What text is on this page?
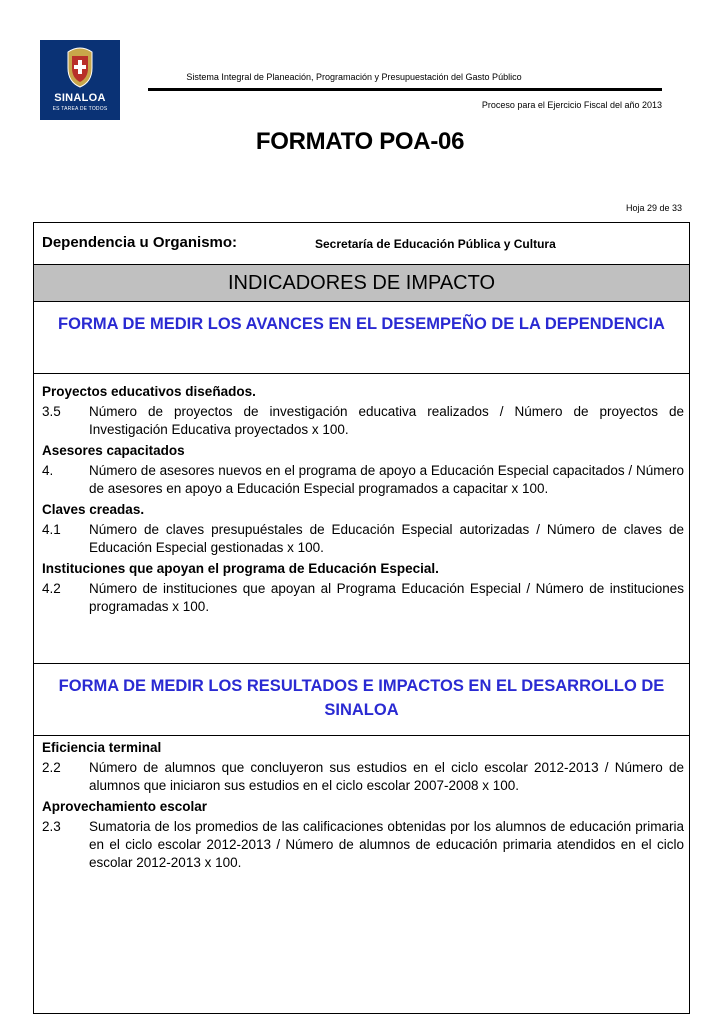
SINALOA
ES TAREA DE TODOS
Sistema Integral de Planeación, Programación y Presupuestación del Gasto Público
Proceso para el Ejercicio Fiscal del año 2013
FORMATO POA-06
Hoja 29 de 33
Dependencia u Organismo:	Secretaría de Educación Pública y Cultura
INDICADORES DE IMPACTO
FORMA DE MEDIR LOS AVANCES EN EL DESEMPEÑO DE LA DEPENDENCIA
Proyectos educativos diseñados.
3.5 Número de proyectos de investigación educativa realizados / Número de proyectos de Investigación Educativa proyectados x 100.
Asesores capacitados
4.	Número de asesores nuevos en el programa de apoyo a Educación Especial capacitados / Número de asesores en apoyo a Educación Especial programados a capacitar x 100.
Claves creadas.
4.1 Número de claves presupuéstales de Educación Especial autorizadas / Número de claves de Educación Especial gestionadas x 100.
Instituciones que apoyan el programa de Educación Especial.
4.2 Número de instituciones que apoyan al Programa Educación Especial / Número de instituciones programadas x 100.
FORMA DE MEDIR LOS RESULTADOS E IMPACTOS EN EL DESARROLLO DE SINALOA
Eficiencia terminal
2.2 Número de alumnos que concluyeron sus estudios en el ciclo escolar 2012-2013 / Número de alumnos que iniciaron sus estudios en el ciclo escolar 2007-2008 x 100.
Aprovechamiento escolar
2.3 Sumatoria de los promedios de las calificaciones obtenidas por los alumnos de educación primaria en el ciclo escolar 2012-2013 / Número de alumnos de educación primaria atendidos en el ciclo escolar 2012-2013 x 100.
